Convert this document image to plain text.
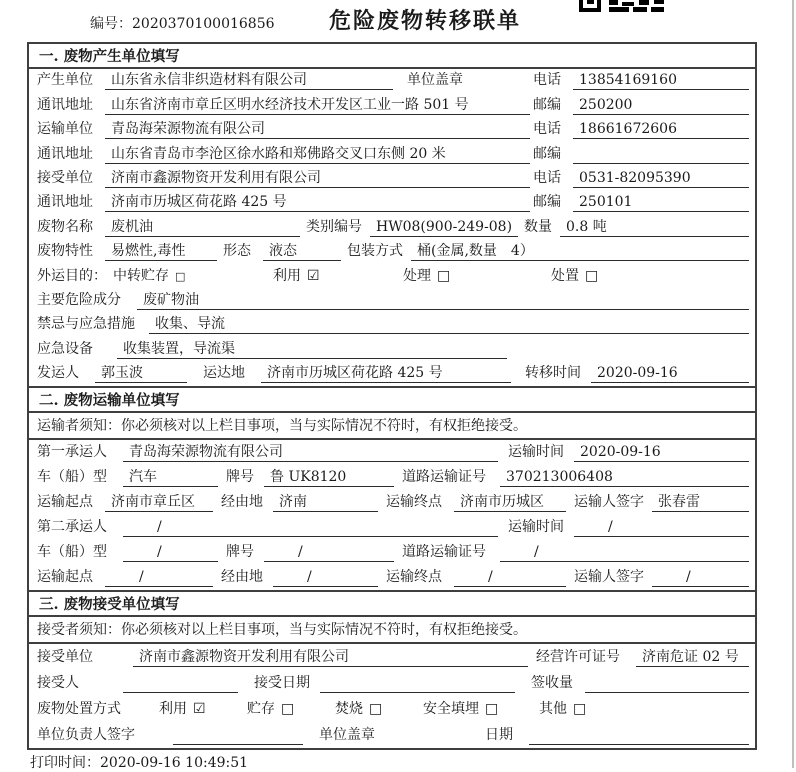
编号：2020370100016856 危险废物转移联单
一. 废物产生单位填写
产生单位	山东省永信非织造材料有限公司	单位盖章	电话	13854169160
通讯地址	山东省济南市章丘区明水经济技术开发区工业一路 501 号	邮编	250200
运输单位	青岛海荣源物流有限公司	电话	18661672606
通讯地址	山东省青岛市李沧区徐水路和郑佛路交叉口东侧 20 米	邮编
接受单位	济南市鑫源物资开发利用有限公司	电话	0531-82095390
通讯地址	济南市历城区荷花路 425 号	邮编	250101
废物名称	废机油	类别编号	HW08(900-249-08) 数量	0.8 吨
废物特性	易燃性,毒性	形态	液态	包装方式	桶(金属,数量　4）
外运目的： 中转贮存 □	利用 ☑	处理 □	处置 □
主要危险成分	废矿物油
禁忌与应急措施	收集、导流
应急设备	收集装置，导流渠
发运人	郭玉波	运达地	济南市历城区荷花路 425 号	转移时间	2020-09-16
二. 废物运输单位填写
运输者须知：你必须核对以上栏目事项，当与实际情况不符时，有权拒绝接受。
第一承运人	青岛海荣源物流有限公司	运输时间	2020-09-16
车（船）型	汽车	牌号	鲁 UK8120	道路运输证号	370213006408
运输起点	济南市章丘区	经由地	济南	运输终点	济南市历城区	运输人签字	张春雷
第二承运人	/	运输时间	/
车（船）型	/	牌号	/	道路运输证号	/
运输起点	/	经由地	/	运输终点	/	运输人签字	/
三. 废物接受单位填写
接受者须知：你必须核对以上栏目事项，当与实际情况不符时，有权拒绝接受。
接受单位	济南市鑫源物资开发利用有限公司	经营许可证号	济南危证 02 号
接受人	接受日期	签收量
废物处置方式	利用 ☑	贮存 □	焚烧 □	安全填埋 □	其他 □
单位负责人签字	单位盖章	日期
打印时间：2020-09-16 10:49:51
